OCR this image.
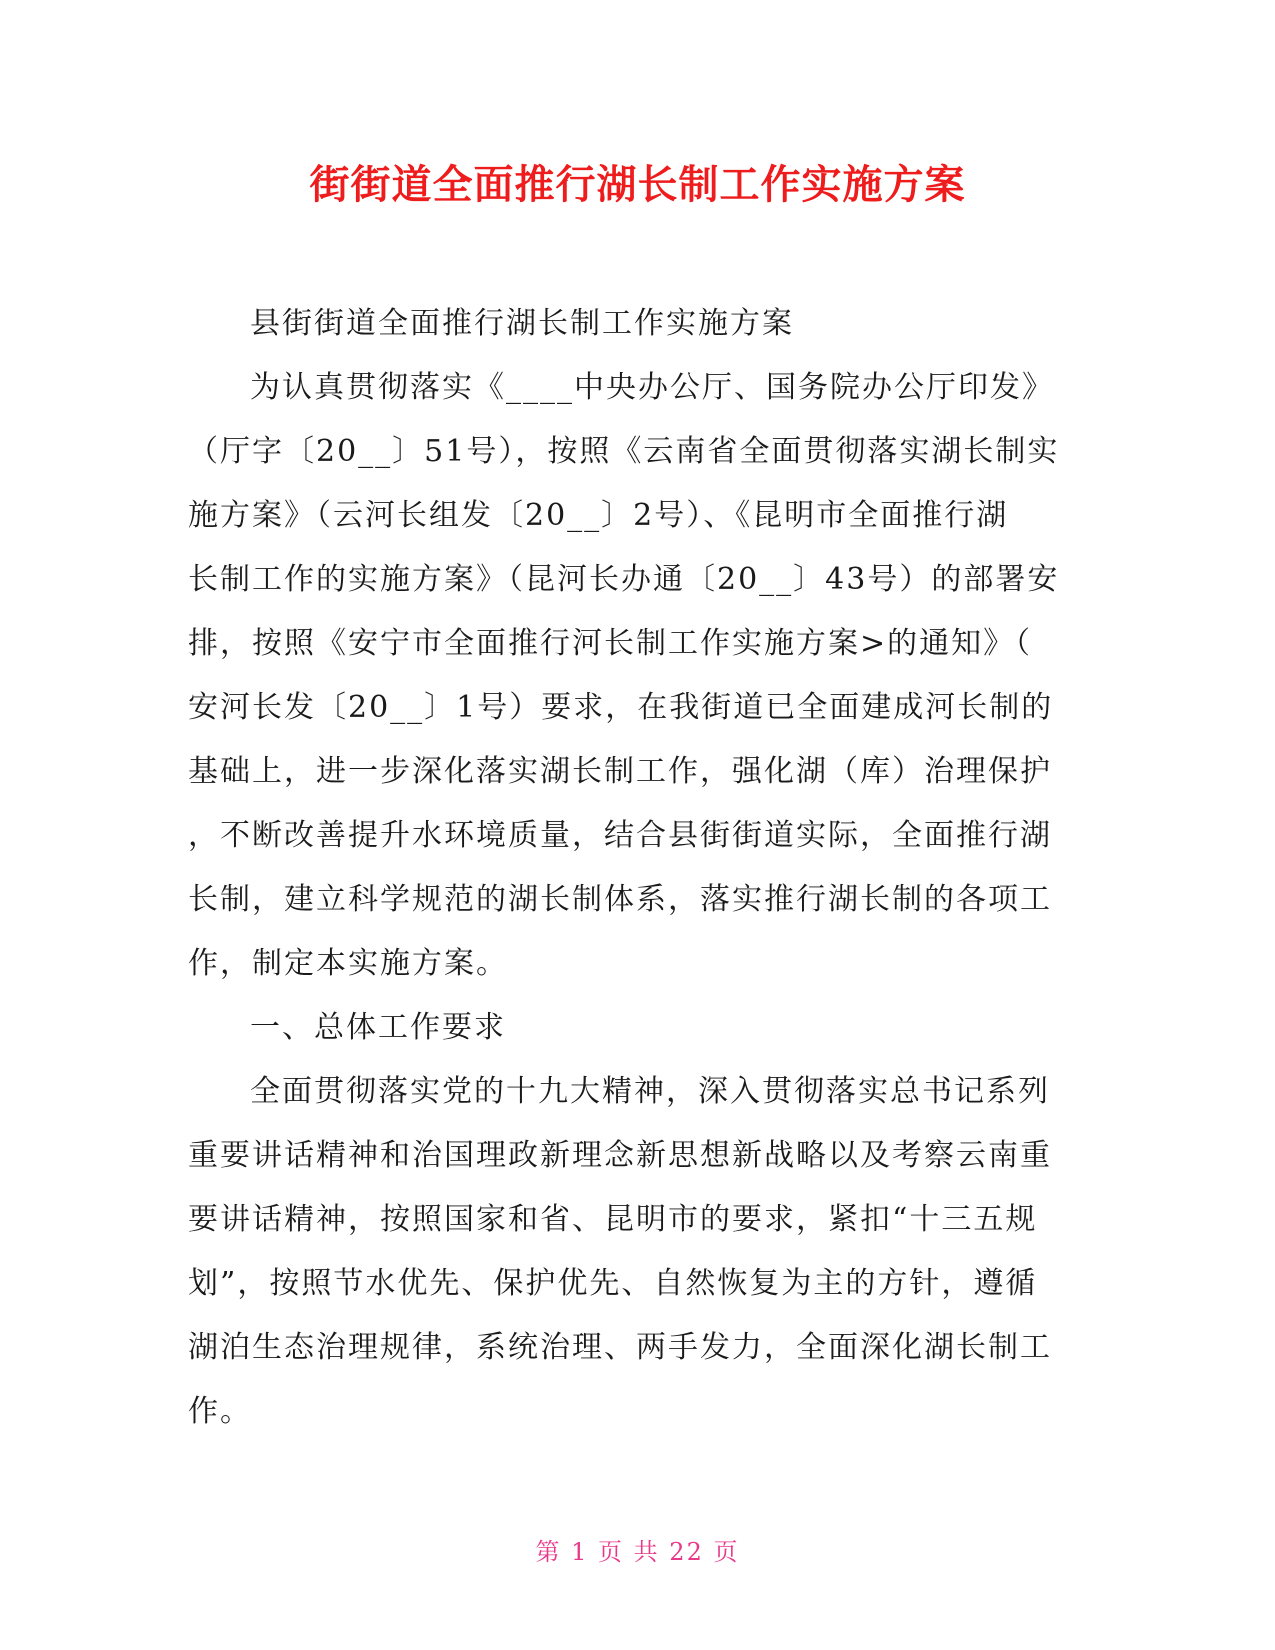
街街道全面推行湖长制工作实施方案
县街街道全面推行湖长制工作实施方案
为认真贯彻落实《____中央办公厅、国务院办公厅印发》
（厅字〔20__〕51号），按照《云南省全面贯彻落实湖长制实
施方案》（云河长组发〔20__〕2号）、《昆明市全面推行湖
长制工作的实施方案》（昆河长办通〔20__〕43号）的部署安
排，按照《安宁市全面推行河长制工作实施方案>的通知》（
安河长发〔20__〕1号）要求，在我街道已全面建成河长制的
基础上，进一步深化落实湖长制工作，强化湖（库）治理保护
，不断改善提升水环境质量，结合县街街道实际，全面推行湖
长制，建立科学规范的湖长制体系，落实推行湖长制的各项工
作，制定本实施方案。
一、总体工作要求
全面贯彻落实党的十九大精神，深入贯彻落实总书记系列
重要讲话精神和治国理政新理念新思想新战略以及考察云南重
要讲话精神，按照国家和省、昆明市的要求，紧扣“十三五规
划”，按照节水优先、保护优先、自然恢复为主的方针，遵循
湖泊生态治理规律，系统治理、两手发力，全面深化湖长制工
作。
第 1 页 共 22 页
